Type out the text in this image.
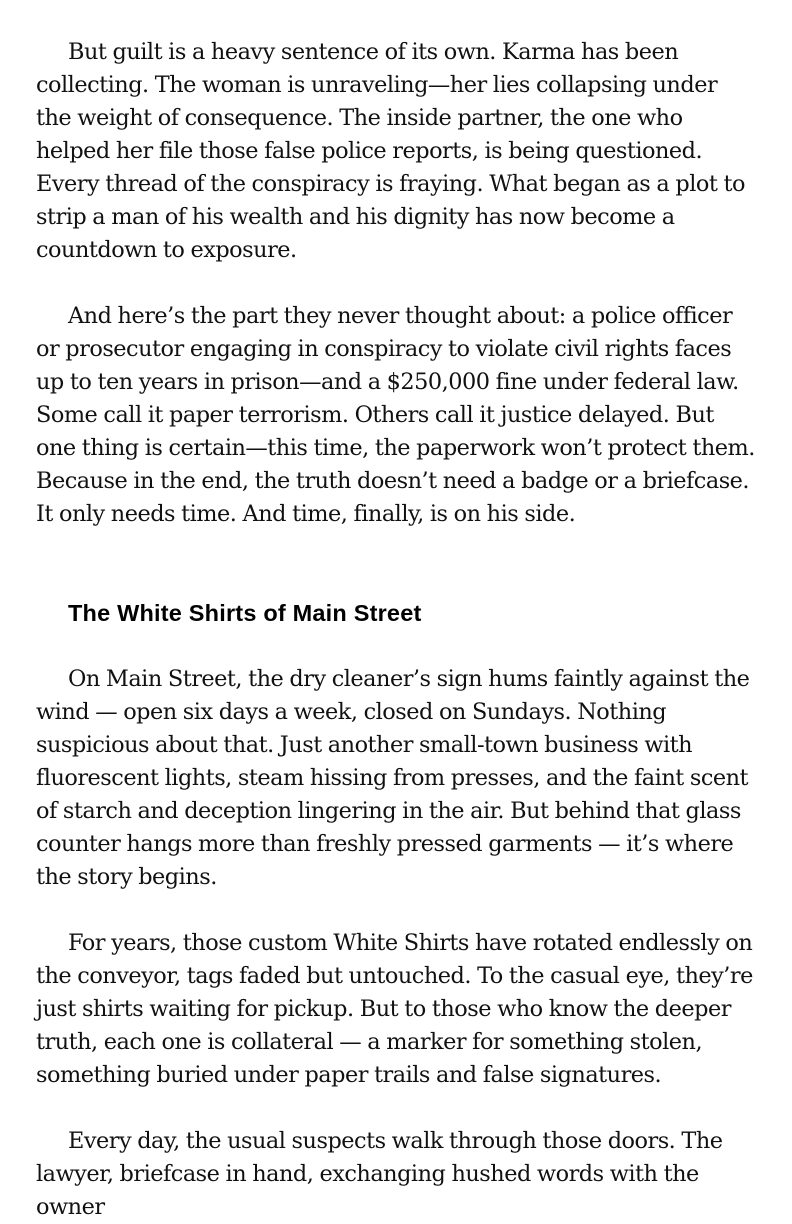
But guilt is a heavy sentence of its own. Karma has been collecting. The woman is unraveling—her lies collapsing under the weight of consequence. The inside partner, the one who helped her file those false police reports, is being questioned. Every thread of the conspiracy is fraying. What began as a plot to strip a man of his wealth and his dignity has now become a countdown to exposure.

And here’s the part they never thought about: a police officer or prosecutor engaging in conspiracy to violate civil rights faces up to ten years in prison—and a $250,000 fine under federal law. Some call it paper terrorism. Others call it justice delayed. But one thing is certain—this time, the paperwork won’t protect them. Because in the end, the truth doesn’t need a badge or a briefcase. It only needs time. And time, finally, is on his side.

The White Shirts of Main Street

On Main Street, the dry cleaner’s sign hums faintly against the wind — open six days a week, closed on Sundays. Nothing suspicious about that. Just another small-town business with fluorescent lights, steam hissing from presses, and the faint scent of starch and deception lingering in the air. But behind that glass counter hangs more than freshly pressed garments — it’s where the story begins.

For years, those custom White Shirts have rotated endlessly on the conveyor, tags faded but untouched. To the casual eye, they’re just shirts waiting for pickup. But to those who know the deeper truth, each one is collateral — a marker for something stolen, something buried under paper trails and false signatures.

Every day, the usual suspects walk through those doors. The lawyer, briefcase in hand, exchanging hushed words with the owner
